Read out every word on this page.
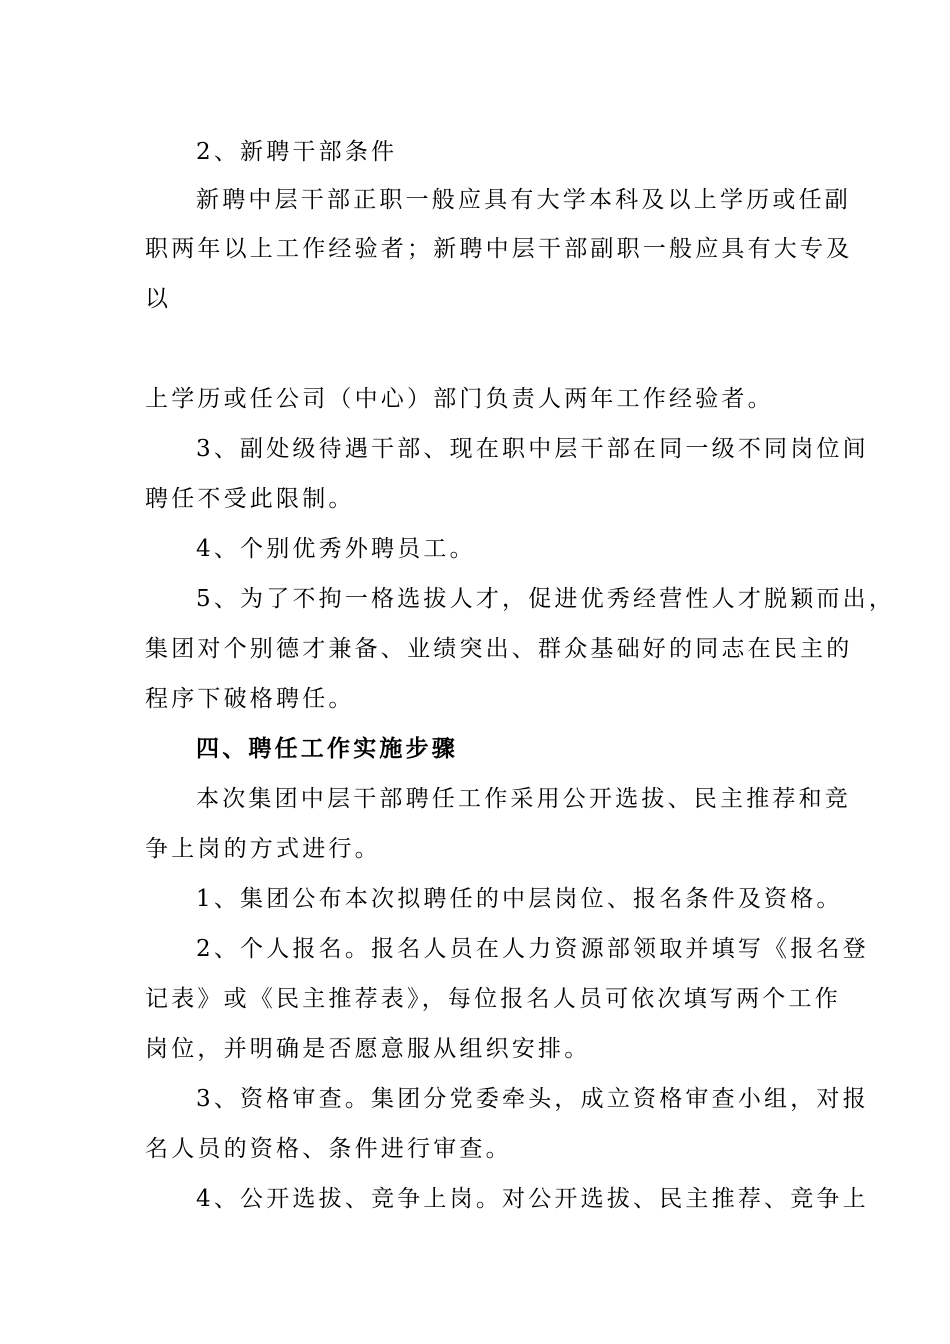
2、新聘干部条件
新聘中层干部正职一般应具有大学本科及以上学历或任副
职两年以上工作经验者；新聘中层干部副职一般应具有大专及
以
上学历或任公司（中心）部门负责人两年工作经验者。
3、副处级待遇干部、现在职中层干部在同一级不同岗位间
聘任不受此限制。
4、个别优秀外聘员工。
5、为了不拘一格选拔人才，促进优秀经营性人才脱颖而出，
集团对个别德才兼备、业绩突出、群众基础好的同志在民主的
程序下破格聘任。
四、聘任工作实施步骤
本次集团中层干部聘任工作采用公开选拔、民主推荐和竞
争上岗的方式进行。
1、集团公布本次拟聘任的中层岗位、报名条件及资格。
2、个人报名。报名人员在人力资源部领取并填写《报名登
记表》或《民主推荐表》，每位报名人员可依次填写两个工作
岗位，并明确是否愿意服从组织安排。
3、资格审查。集团分党委牵头，成立资格审查小组，对报
名人员的资格、条件进行审查。
4、公开选拔、竞争上岗。对公开选拔、民主推荐、竞争上
